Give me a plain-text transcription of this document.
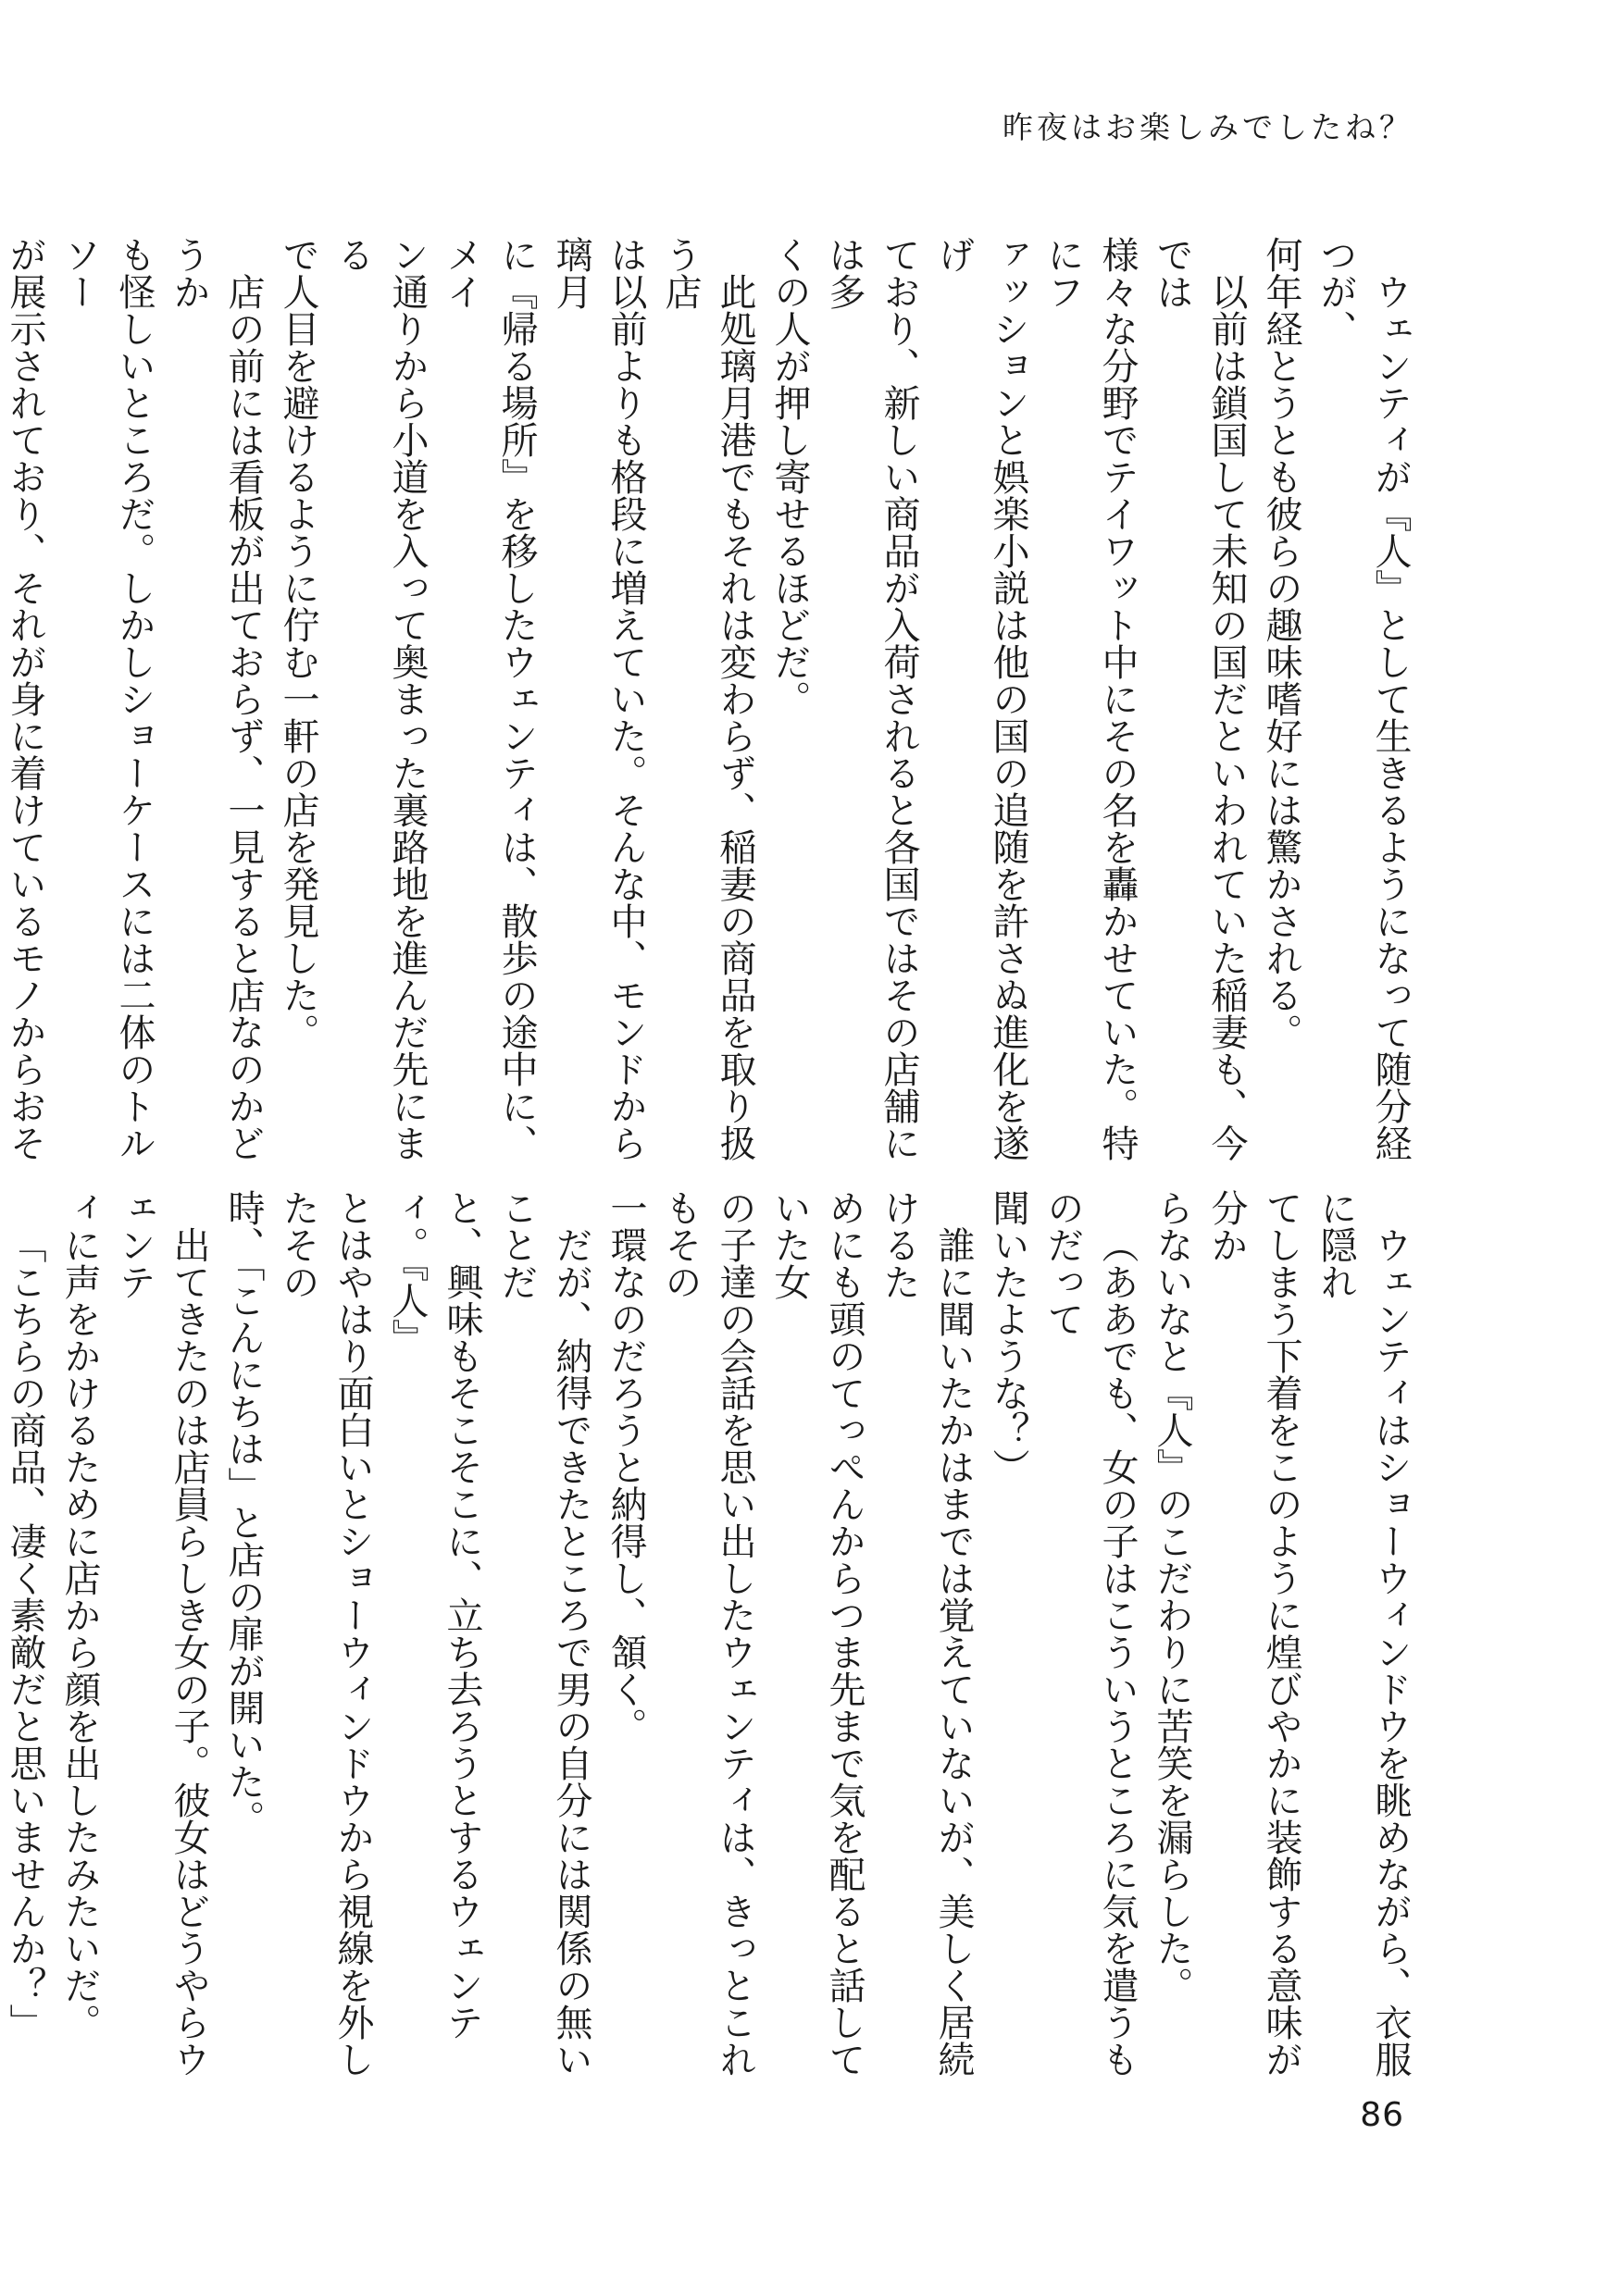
昨夜はお楽しみでしたね？

ウェンティが『人』として生きるようになって随分経つが、
何年経とうとも彼らの趣味嗜好には驚かされる。

以前は鎖国して未知の国だといわれていた稲妻も、今では
様々な分野でテイワット中にその名を轟かせていた。特にフ
ァッションと娯楽小説は他の国の追随を許さぬ進化を遂げ
ており、新しい商品が入荷されると各国ではその店舗には多
くの人が押し寄せるほどだ。

此処璃月港でもそれは変わらず、稲妻の商品を取り扱う店
は以前よりも格段に増えていた。そんな中、モンドから璃月
に『帰る場所』を移したウェンティは、散歩の途中に、メイ
ン通りから小道を入って奥まった裏路地を進んだ先にまる
で人目を避けるように佇む一軒の店を発見した。

店の前には看板が出ておらず、一見すると店なのかどうか
も怪しいところだ。しかしショーケースには二体のトルソー
が展示されており、それが身に着けているモノからおそ

ウェンティはショーウィンドウを眺めながら、衣服に隠れ
てしまう下着をこのように煌びやかに装飾する意味が分か
らないなと『人』のこだわりに苦笑を漏らした。

（ああでも、女の子はこういうところに気を遣うものだって
聞いたような？）

誰に聞いたかはまでは覚えていないが、美しく居続けるた
めにも頭のてっぺんからつま先まで気を配ると話していた女
の子達の会話を思い出したウェンティは、きっとこれもその
一環なのだろうと納得し、頷く。

だが、納得できたところで男の自分には関係の無いことだ
と、興味もそこそこに、立ち去ろうとするウェンティ。『人』
とはやはり面白いとショーウィンドウから視線を外したその
時、「こんにちは」と店の扉が開いた。

出てきたのは店員らしき女の子。彼女はどうやらウェンテ
ィに声をかけるために店から顔を出したみたいだ。

「こちらの商品、凄く素敵だと思いませんか？」

86
